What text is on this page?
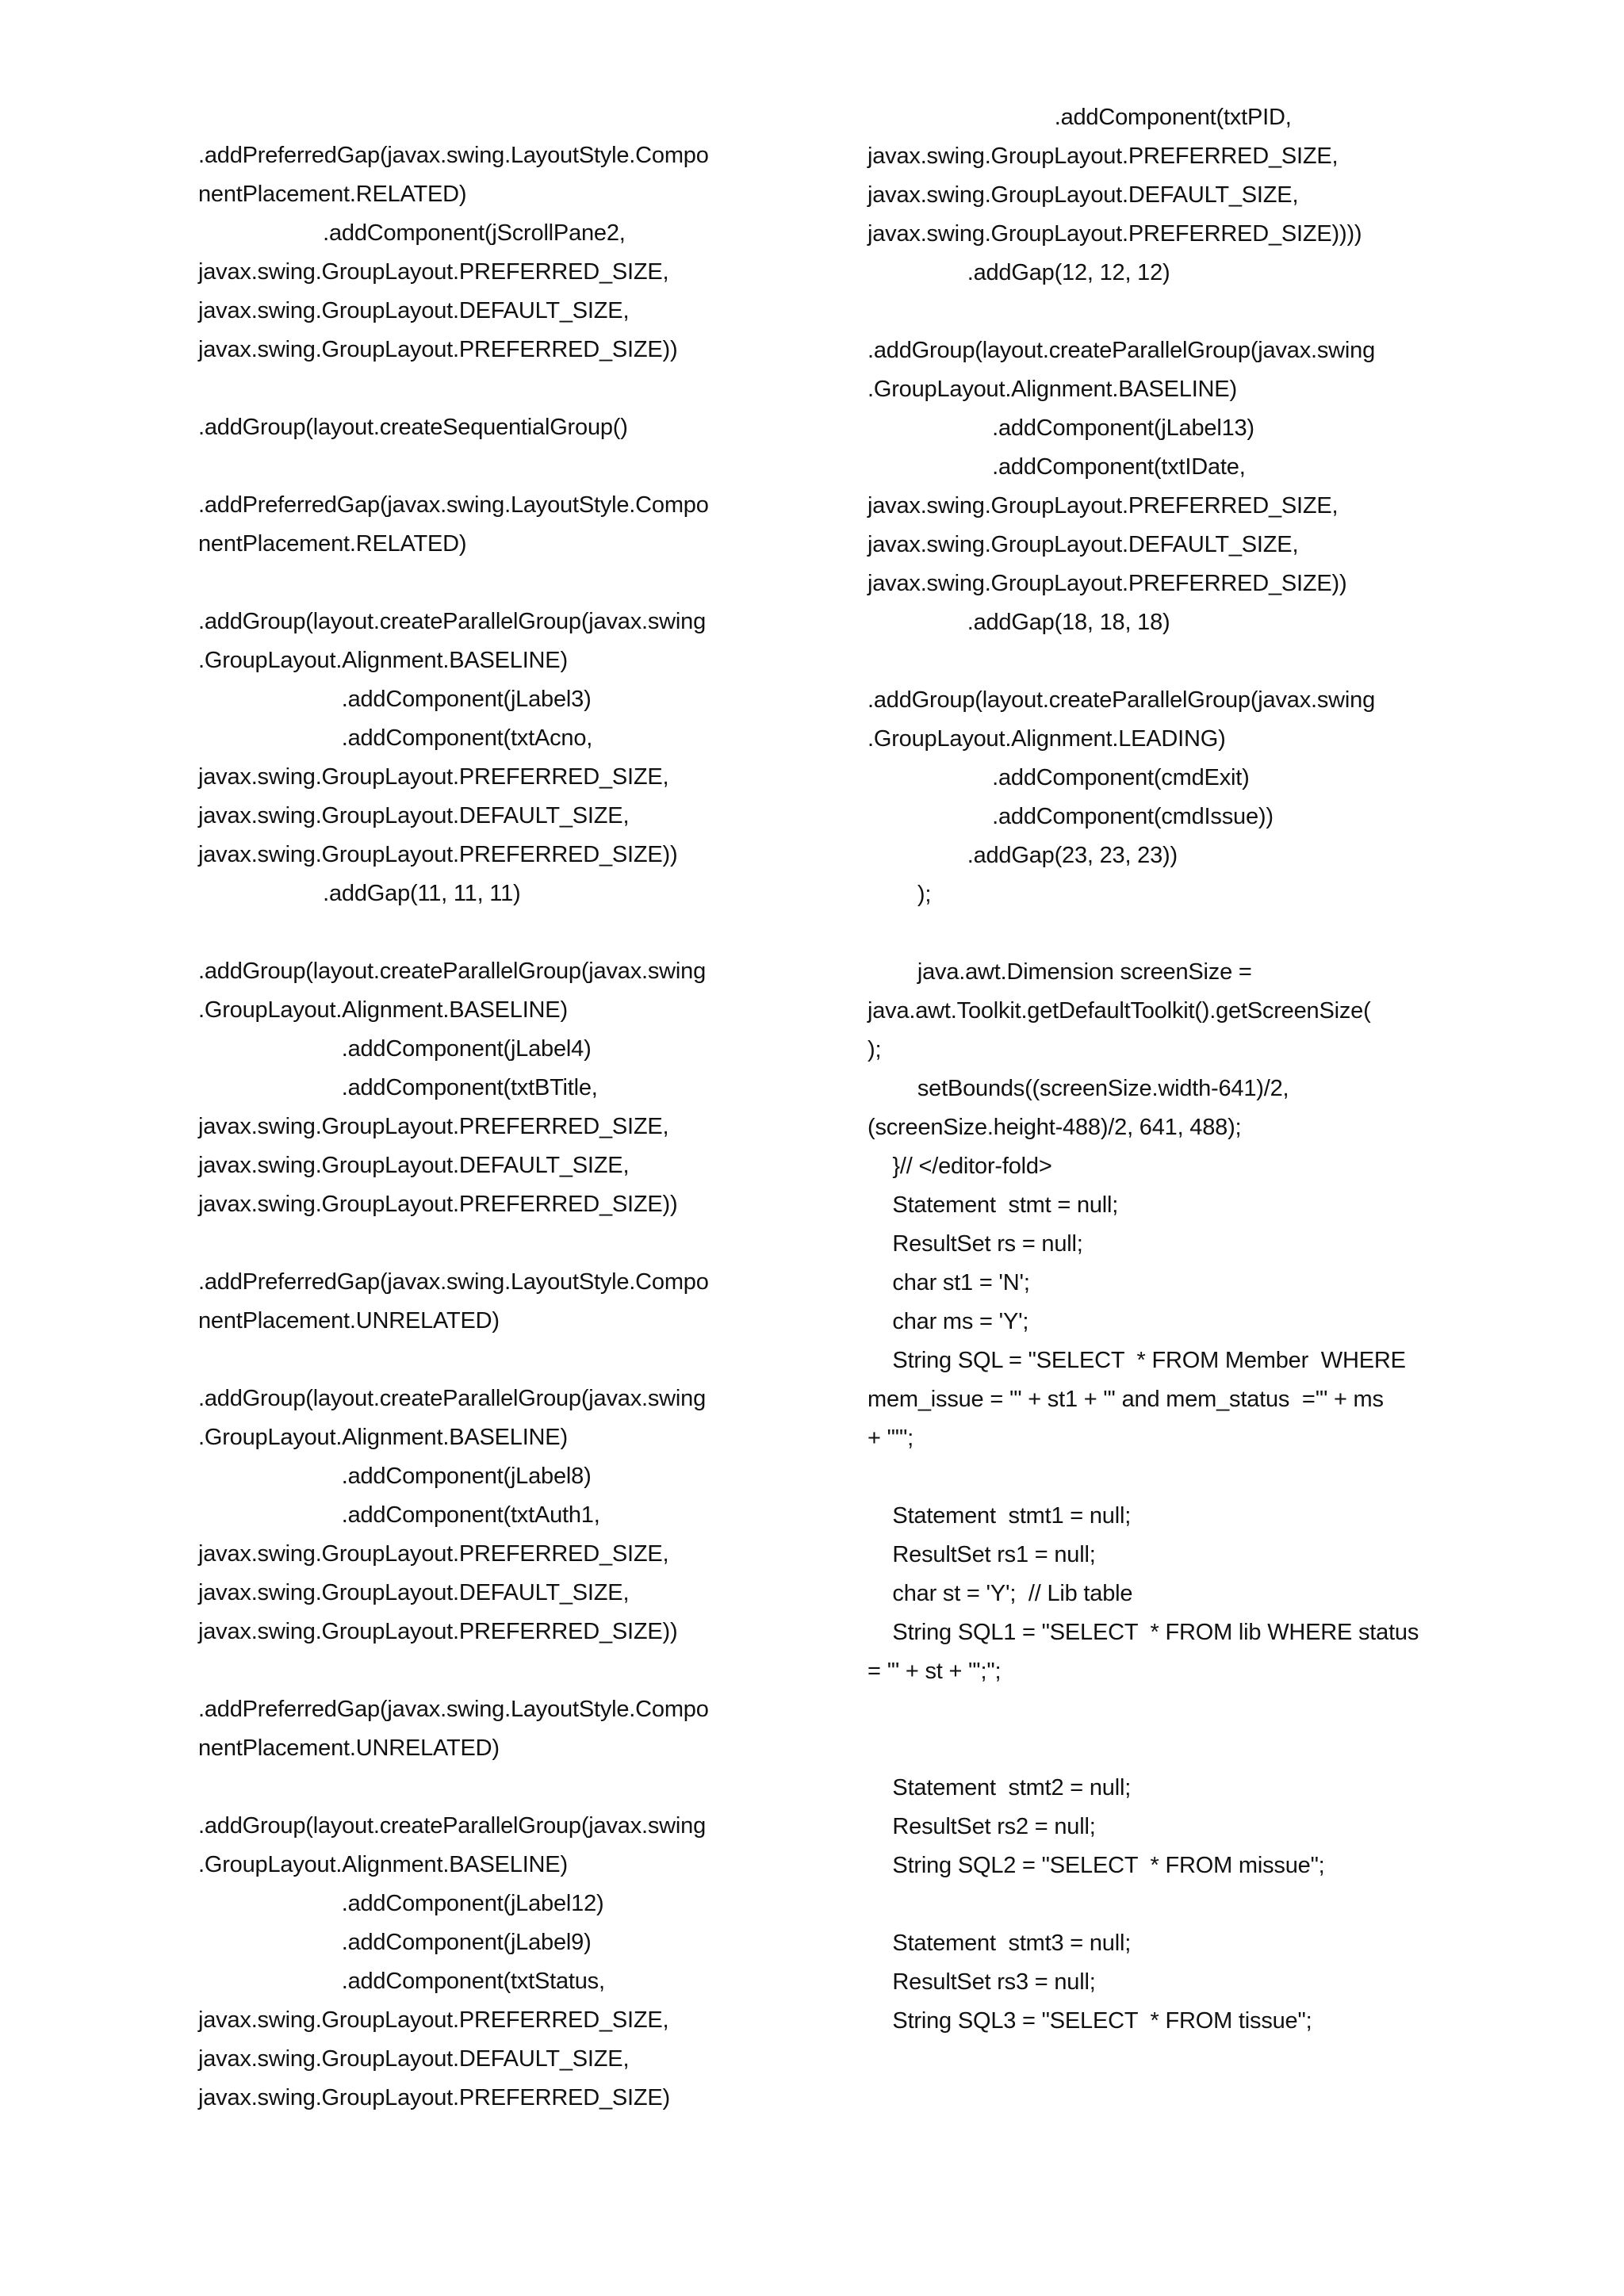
.addPreferredGap(javax.swing.LayoutStyle.Compo
nentPlacement.RELATED)
.addComponent(jScrollPane2,
javax.swing.GroupLayout.PREFERRED_SIZE,
javax.swing.GroupLayout.DEFAULT_SIZE,
javax.swing.GroupLayout.PREFERRED_SIZE))
.addGroup(layout.createSequentialGroup()
.addPreferredGap(javax.swing.LayoutStyle.Compo
nentPlacement.RELATED)
.addGroup(layout.createParallelGroup(javax.swing
.GroupLayout.Alignment.BASELINE)
.addComponent(jLabel3)
.addComponent(txtAcno,
javax.swing.GroupLayout.PREFERRED_SIZE,
javax.swing.GroupLayout.DEFAULT_SIZE,
javax.swing.GroupLayout.PREFERRED_SIZE))
.addGap(11, 11, 11)
.addGroup(layout.createParallelGroup(javax.swing
.GroupLayout.Alignment.BASELINE)
.addComponent(jLabel4)
.addComponent(txtBTitle,
javax.swing.GroupLayout.PREFERRED_SIZE,
javax.swing.GroupLayout.DEFAULT_SIZE,
javax.swing.GroupLayout.PREFERRED_SIZE))
.addPreferredGap(javax.swing.LayoutStyle.Compo
nentPlacement.UNRELATED)
.addGroup(layout.createParallelGroup(javax.swing
.GroupLayout.Alignment.BASELINE)
.addComponent(jLabel8)
.addComponent(txtAuth1,
javax.swing.GroupLayout.PREFERRED_SIZE,
javax.swing.GroupLayout.DEFAULT_SIZE,
javax.swing.GroupLayout.PREFERRED_SIZE))
.addPreferredGap(javax.swing.LayoutStyle.Compo
nentPlacement.UNRELATED)
.addGroup(layout.createParallelGroup(javax.swing
.GroupLayout.Alignment.BASELINE)
.addComponent(jLabel12)
.addComponent(jLabel9)
.addComponent(txtStatus,
javax.swing.GroupLayout.PREFERRED_SIZE,
javax.swing.GroupLayout.DEFAULT_SIZE,
javax.swing.GroupLayout.PREFERRED_SIZE)
.addComponent(txtPID,
javax.swing.GroupLayout.PREFERRED_SIZE,
javax.swing.GroupLayout.DEFAULT_SIZE,
javax.swing.GroupLayout.PREFERRED_SIZE))))
.addGap(12, 12, 12)
.addGroup(layout.createParallelGroup(javax.swing
.GroupLayout.Alignment.BASELINE)
.addComponent(jLabel13)
.addComponent(txtIDate,
javax.swing.GroupLayout.PREFERRED_SIZE,
javax.swing.GroupLayout.DEFAULT_SIZE,
javax.swing.GroupLayout.PREFERRED_SIZE))
.addGap(18, 18, 18)
.addGroup(layout.createParallelGroup(javax.swing
.GroupLayout.Alignment.LEADING)
.addComponent(cmdExit)
.addComponent(cmdIssue))
.addGap(23, 23, 23))
);
java.awt.Dimension screenSize =
java.awt.Toolkit.getDefaultToolkit().getScreenSize(
);
setBounds((screenSize.width-641)/2,
(screenSize.height-488)/2, 641, 488);
}// </editor-fold>
Statement  stmt = null;
ResultSet rs = null;
char st1 = 'N';
char ms = 'Y';
String SQL = "SELECT  * FROM Member  WHERE
mem_issue = '" + st1 + "' and mem_status  ='" + ms
+ "'";
Statement  stmt1 = null;
ResultSet rs1 = null;
char st = 'Y';  // Lib table
String SQL1 = "SELECT  * FROM lib WHERE status
= '" + st + "';";
Statement  stmt2 = null;
ResultSet rs2 = null;
String SQL2 = "SELECT  * FROM missue";
Statement  stmt3 = null;
ResultSet rs3 = null;
String SQL3 = "SELECT  * FROM tissue";
